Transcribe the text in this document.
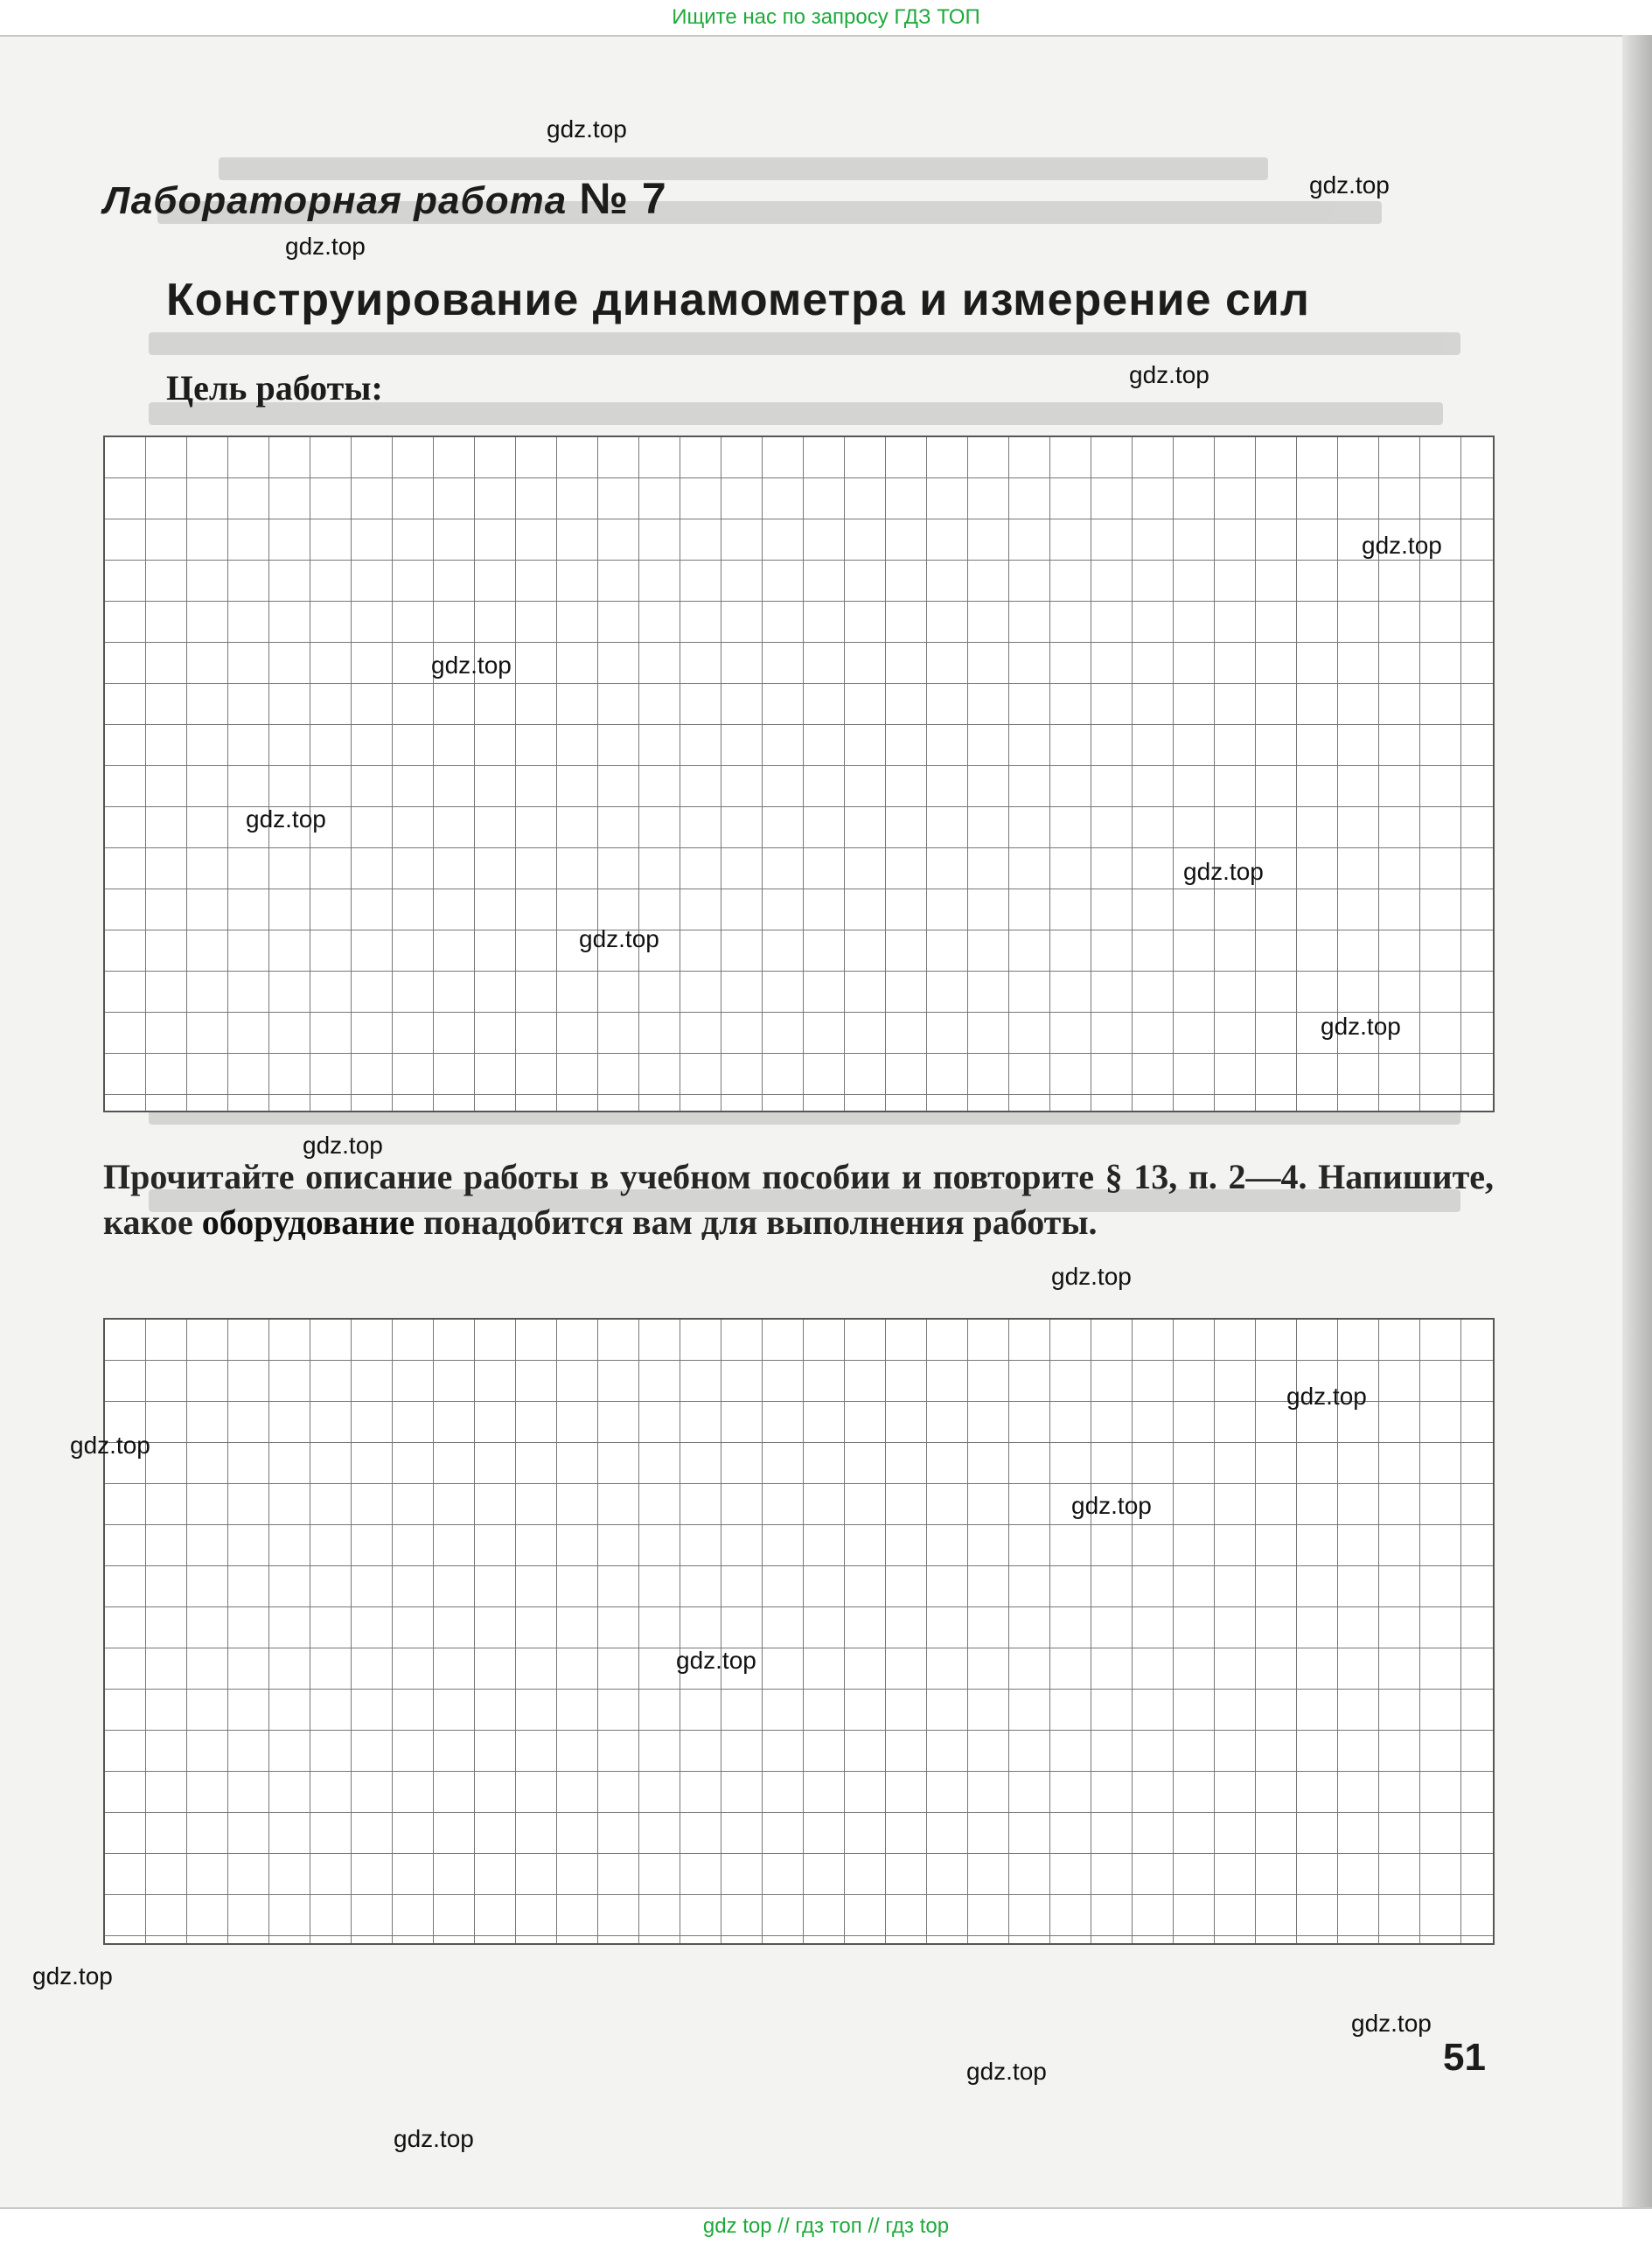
Ищите нас по запросу ГДЗ ТОП
Лабораторная работа № 7
Конструирование динамометра и измерение сил
Цель работы:
Прочитайте описание работы в учебном пособии и повторите § 13, п. 2—4. Напишите, какое оборудование понадобится вам для выполнения работы.
51
gdz.top
gdz.top
gdz.top
gdz.top
gdz.top
gdz.top
gdz.top
gdz.top
gdz.top
gdz.top
gdz.top
gdz.top
gdz.top
gdz.top
gdz.top
gdz.top
gdz.top
gdz.top
gdz.top
gdz.top
gdz top // гдз топ // гдз top
